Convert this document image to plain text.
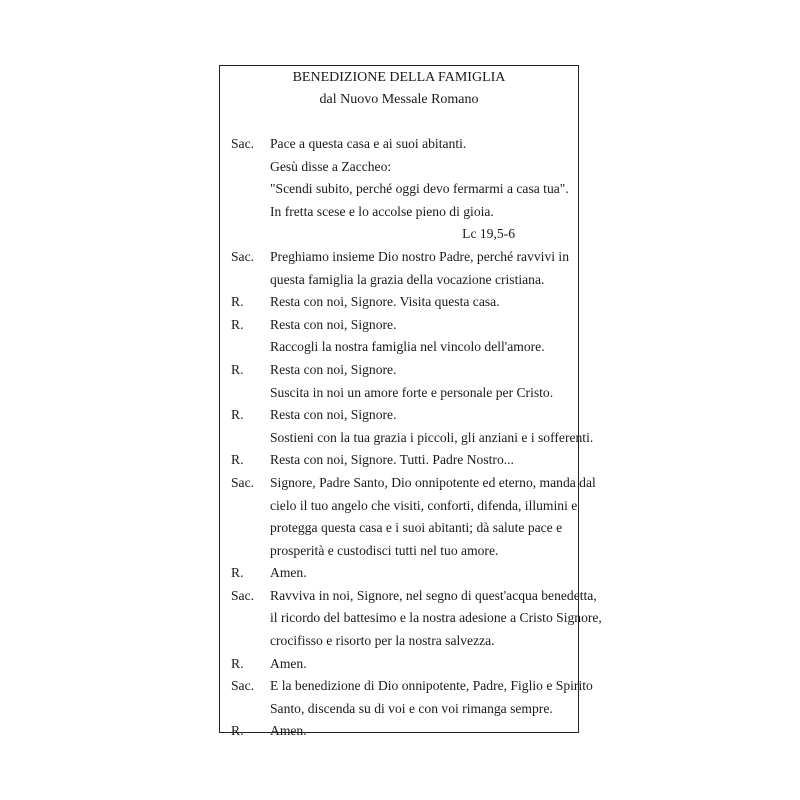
BENEDIZIONE DELLA FAMIGLIA
dal Nuovo Messale Romano
Sac. Pace a questa casa e ai suoi abitanti.
Gesù disse a Zaccheo:
"Scendi subito, perché oggi devo fermarmi a casa tua".
In fretta scese e lo accolse pieno di gioia.
Lc 19,5-6
Sac. Preghiamo insieme Dio nostro Padre, perché ravvivi in
questa famiglia la grazia della vocazione cristiana.
R. Resta con noi, Signore. Visita questa casa.
R. Resta con noi, Signore.
Raccogli la nostra famiglia nel vincolo dell'amore.
R. Resta con noi, Signore.
Suscita in noi un amore forte e personale per Cristo.
R. Resta con noi, Signore.
Sostieni con la tua grazia i piccoli, gli anziani e i sofferenti.
R. Resta con noi, Signore. Tutti. Padre Nostro...
Sac. Signore, Padre Santo, Dio onnipotente ed eterno, manda dal
cielo il tuo angelo che visiti, conforti, difenda, illumini e
protegga questa casa e i suoi abitanti; dà salute pace e
prosperità e custodisci tutti nel tuo amore.
R. Amen.
Sac. Ravviva in noi, Signore, nel segno di quest'acqua benedetta,
il ricordo del battesimo e la nostra adesione a Cristo Signore,
crocifisso e risorto per la nostra salvezza.
R. Amen.
Sac. E la benedizione di Dio onnipotente, Padre, Figlio e Spirito
Santo, discenda su di voi e con voi rimanga sempre.
R. Amen.
